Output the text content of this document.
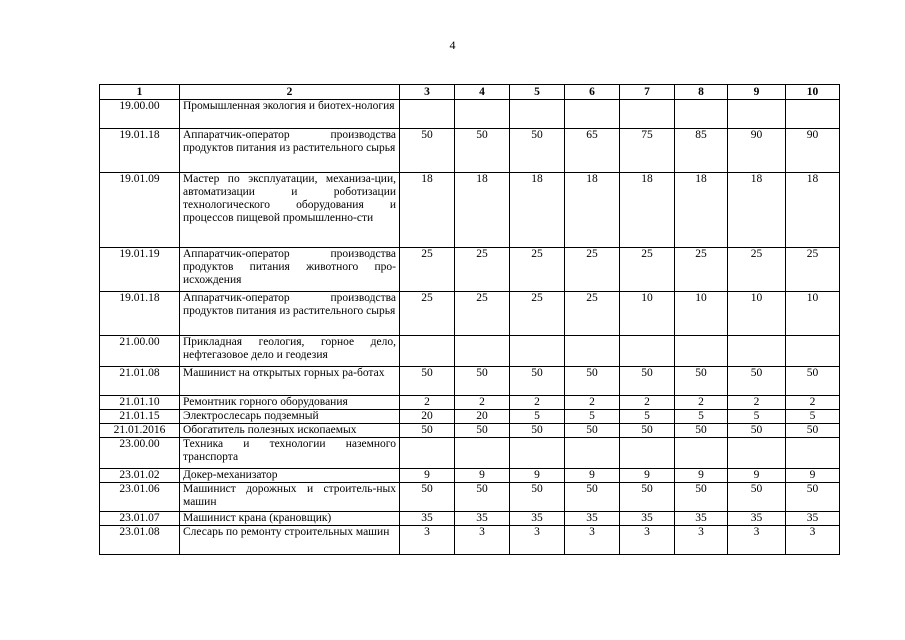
4
1	2	3	4	5	6	7	8	9	10
19.00.00	Промышленная экология и биотех-нология								
19.01.18	Аппаратчик-оператор производства продуктов питания из растительного сырья	50	50	50	65	75	85	90	90
19.01.09	Мастер по эксплуатации, механиза-ции, автоматизации и роботизации технологического оборудования и процессов пищевой промышленно-сти	18	18	18	18	18	18	18	18
19.01.19	Аппаратчик-оператор производства продуктов питания животного про-исхождения	25	25	25	25	25	25	25	25
19.01.18	Аппаратчик-оператор производства продуктов питания из растительного сырья	25	25	25	25	10	10	10	10
21.00.00	Прикладная геология, горное дело, нефтегазовое дело и геодезия								
21.01.08	Машинист на открытых горных ра-ботах	50	50	50	50	50	50	50	50
21.01.10	Ремонтник горного оборудования	2	2	2	2	2	2	2	2
21.01.15	Электрослесарь подземный	20	20	5	5	5	5	5	5
21.01.2016	Обогатитель полезных ископаемых	50	50	50	50	50	50	50	50
23.00.00	Техника и технологии наземного транспорта								
23.01.02	Докер-механизатор	9	9	9	9	9	9	9	9
23.01.06	Машинист дорожных и строитель-ных машин	50	50	50	50	50	50	50	50
23.01.07	Машинист крана (крановщик)	35	35	35	35	35	35	35	35
23.01.08	Слесарь по ремонту строительных машин	3	3	3	3	3	3	3	3
